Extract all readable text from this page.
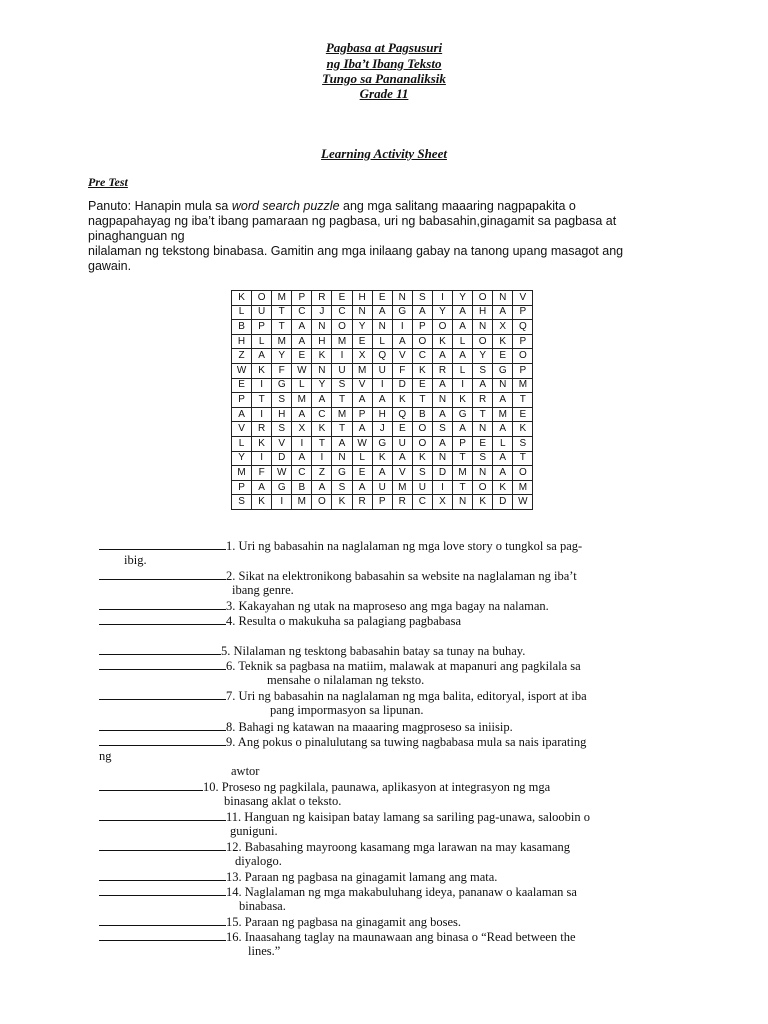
Pagbasa at Pagsusuri
ng Iba’t Ibang Teksto
Tungo sa Pananaliksik
Grade 11
Learning Activity Sheet
Pre Test

Panuto: Hanapin mula sa word search puzzle ang mga salitang maaaring nagpapakita o

nagpapahayag ng iba’t ibang pamaraan ng pagbasa, uri ng babasahin,ginagamit sa pagbasa at

pinaghanguan ng

nilalaman ng tekstong binabasa. Gamitin ang mga inilaang gabay na tanong upang masagot ang

gawain.

K	O	M	P	R	E	H	E	N	S	I	Y	O	N	V
L	U	T	C	J	C	N	A	G	A	Y	A	H	A	P
B	P	T	A	N	O	Y	N	I	P	O	A	N	X	Q
H	L	M	A	H	M	E	L	A	O	K	L	O	K	P
Z	A	Y	E	K	I	X	Q	V	C	A	A	Y	E	O
W	K	F	W	N	U	M	U	F	K	R	L	S	G	P
E	I	G	L	Y	S	V	I	D	E	A	I	A	N	M
P	T	S	M	A	T	A	A	K	T	N	K	R	A	T
A	I	H	A	C	M	P	H	Q	B	A	G	T	M	E
V	R	S	X	K	T	A	J	E	O	S	A	N	A	K
L	K	V	I	T	A	W	G	U	O	A	P	E	L	S
Y	I	D	A	I	N	L	K	A	K	N	T	S	A	T
M	F	W	C	Z	G	E	A	V	S	D	M	N	A	O
P	A	G	B	A	S	A	U	M	U	I	T	O	K	M
S	K	I	M	O	K	R	P	R	C	X	N	K	D	W
1. Uri ng babasahin na naglalaman ng mga love story o tungkol sa pag-
ibig.
2. Sikat na elektronikong babasahin sa website na naglalaman ng iba’t
ibang genre.
3. Kakayahan ng utak na maproseso ang mga bagay na nalaman.
4. Resulta o makukuha sa palagiang pagbabasa
5. Nilalaman ng tesktong babasahin batay sa tunay na buhay.
6. Teknik sa pagbasa na matiim, malawak at mapanuri ang pagkilala sa
mensahe o nilalaman ng teksto.
7. Uri ng babasahin na naglalaman ng mga balita, editoryal, isport at iba
pang impormasyon sa lipunan.
8. Bahagi ng katawan na maaaring magproseso sa iniisip.
9. Ang pokus o pinalulutang sa tuwing nagbabasa mula sa nais iparating
ng
awtor
10. Proseso ng pagkilala, paunawa, aplikasyon at integrasyon ng mga
binasang aklat o teksto.
11. Hanguan ng kaisipan batay lamang sa sariling pag-unawa, saloobin o
guniguni.
12. Babasahing mayroong kasamang mga larawan na may kasamang
diyalogo.
13. Paraan ng pagbasa na ginagamit lamang ang mata.
14. Naglalaman ng mga makabuluhang ideya, pananaw o kaalaman sa
binabasa.
15. Paraan ng pagbasa na ginagamit ang boses.
16. Inaasahang taglay na maunawaan ang binasa o “Read between the
lines.”
